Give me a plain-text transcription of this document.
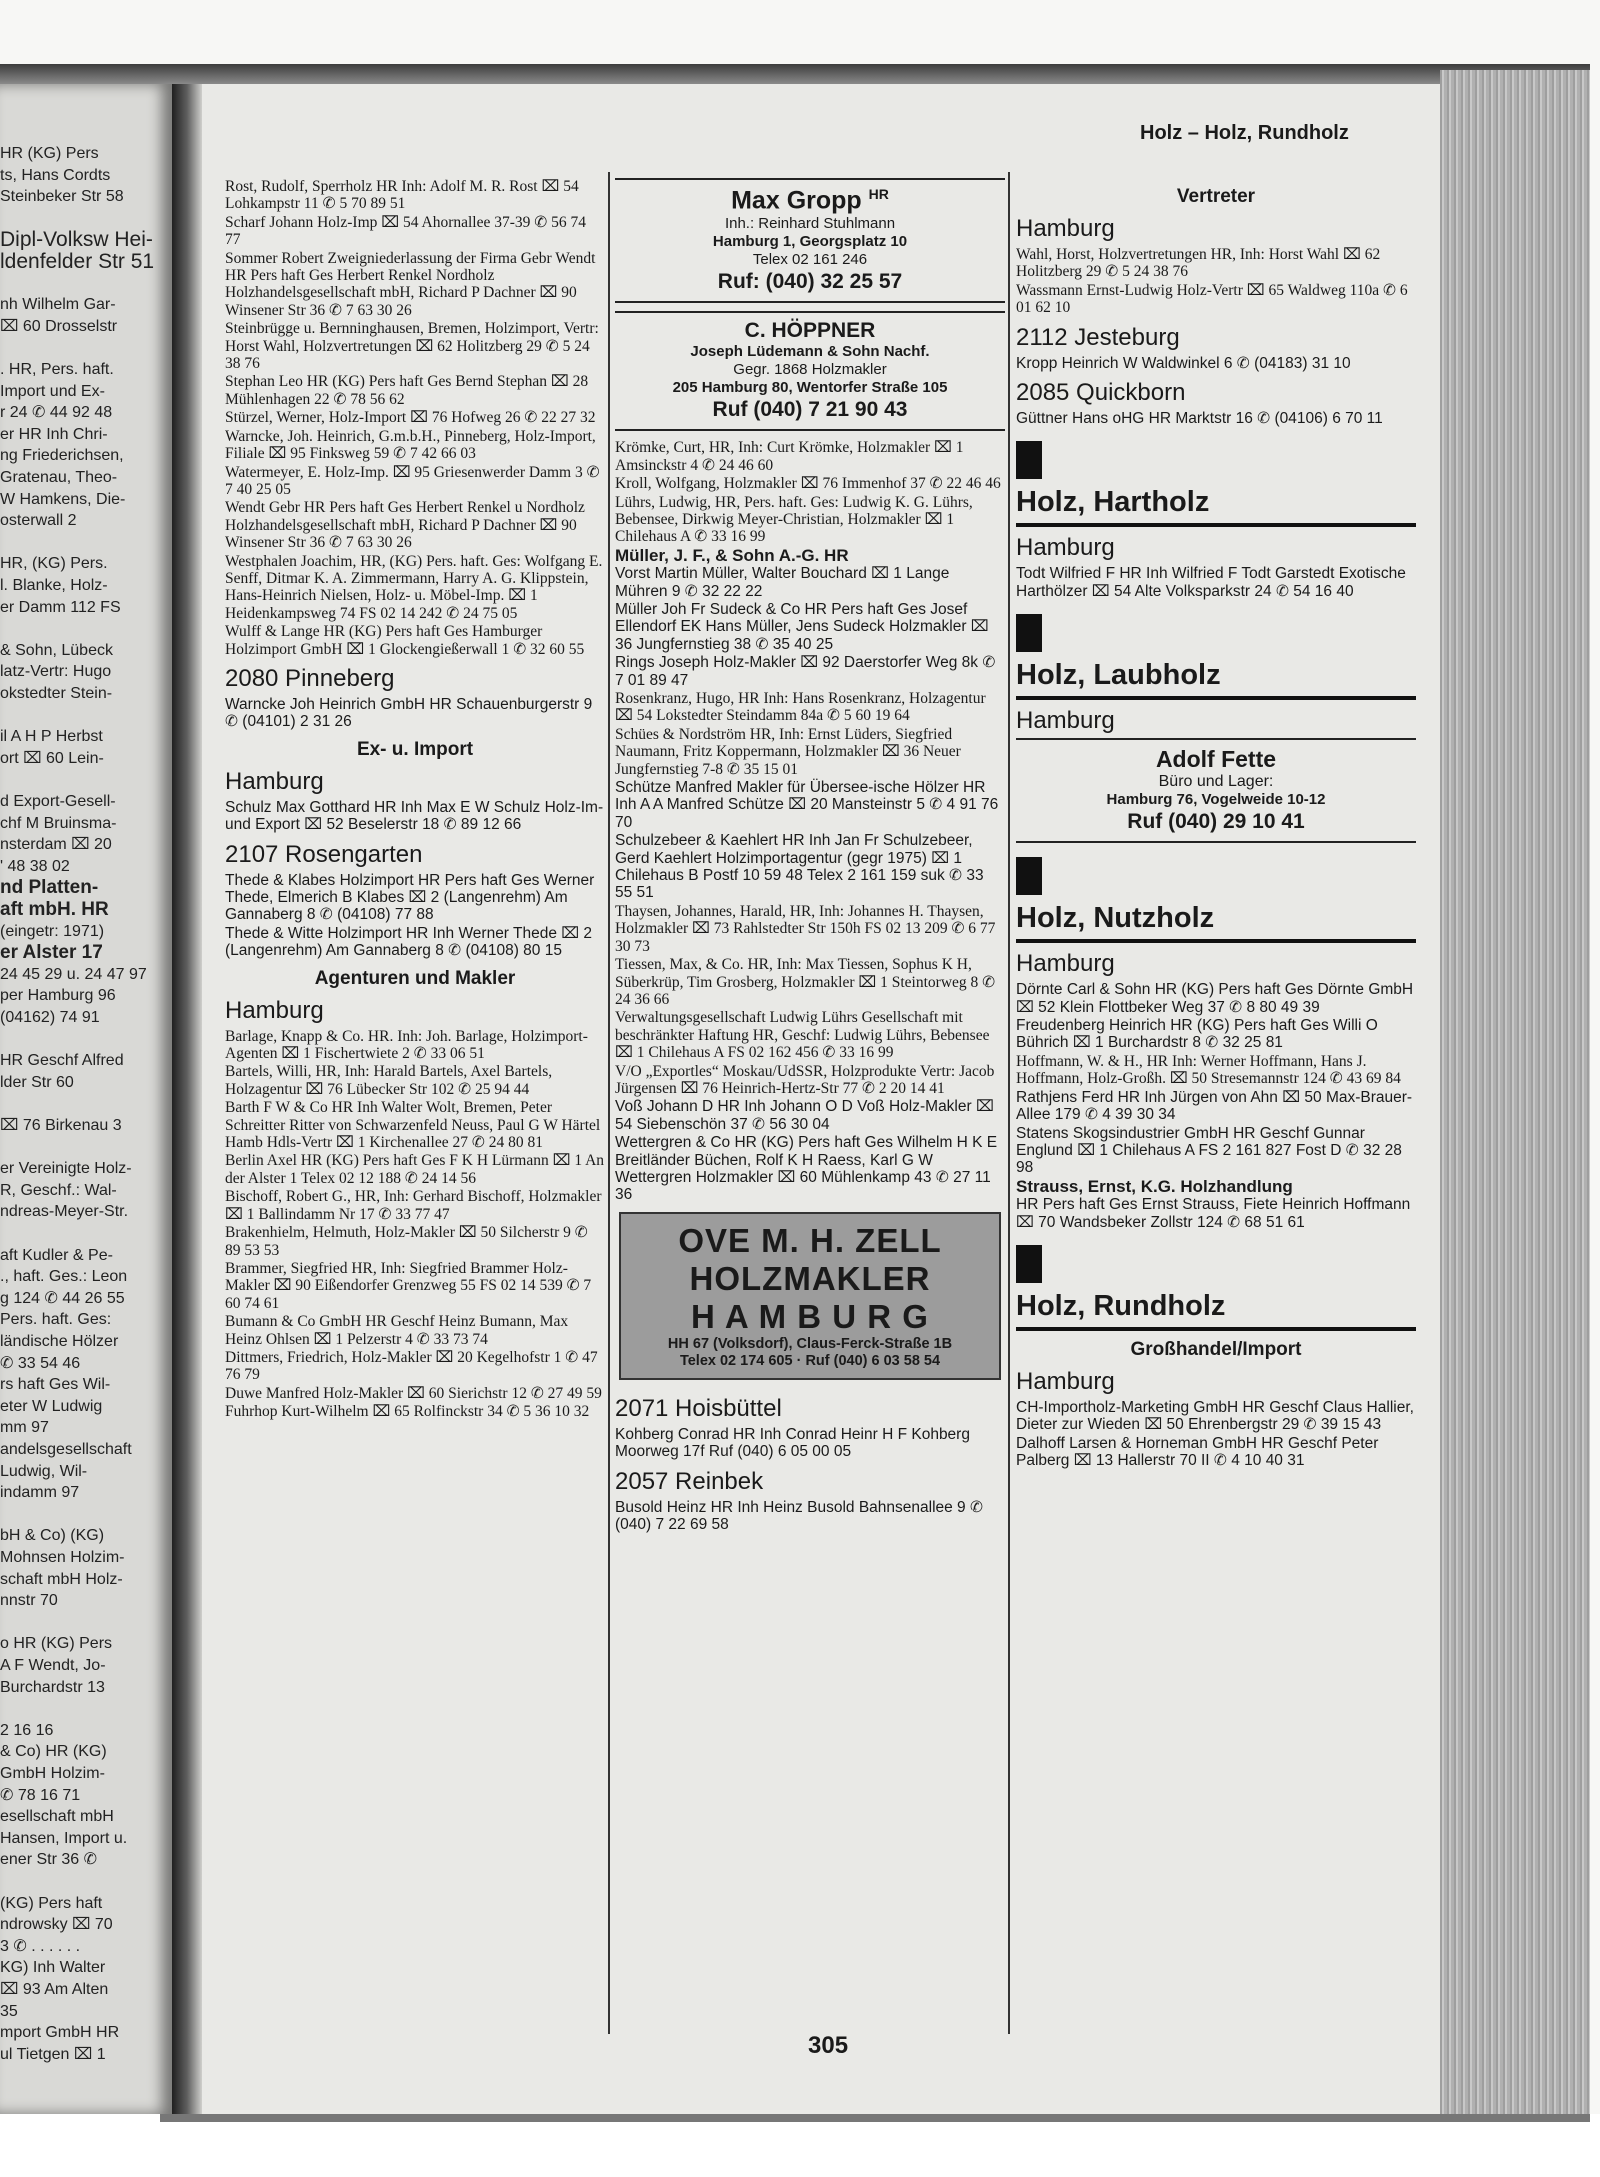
HR (KG) Pers
ts, Hans Cordts
Steinbeker Str 58
Dipl-Volksw Hei-
ldenfelder Str 51
nh Wilhelm Gar-
⌧ 60 Drosselstr
. HR, Pers. haft.
Import und Ex-
r 24 ✆ 44 92 48
er HR Inh Chri-
ng Friederichsen,
Gratenau, Theo-
W Hamkens, Die-
osterwall 2
HR, (KG) Pers.
l. Blanke, Holz-
er Damm 112 FS
& Sohn, Lübeck
latz-Vertr: Hugo
okstedter Stein-
il A H P Herbst
ort ⌧ 60 Lein-
d Export-Gesell-
chf M Bruinsma-
nsterdam ⌧ 20
' 48 38 02
nd Platten-
aft mbH. HR
(eingetr: 1971)
er Alster 17
24 45 29 u. 24 47 97
per Hamburg 96
(04162) 74 91
HR Geschf Alfred
lder Str 60
⌧ 76 Birkenau 3
er Vereinigte Holz-
R, Geschf.: Wal-
ndreas-Meyer-Str.
aft Kudler & Pe-
., haft. Ges.: Leon
g 124 ✆ 44 26 55
Pers. haft. Ges:
ländische Hölzer
✆ 33 54 46
rs haft Ges Wil-
eter W Ludwig
mm 97
andelsgesellschaft
Ludwig, Wil-
indamm 97
bH & Co) (KG)
Mohnsen Holzim-
schaft mbH Holz-
nnstr 70
o HR (KG) Pers
A F Wendt, Jo-
Burchardstr 13
2 16 16
& Co) HR (KG)
GmbH Holzim-
✆ 78 16 71
esellschaft mbH
Hansen, Import u.
ener Str 36 ✆
(KG) Pers haft
ndrowsky ⌧ 70
3 ✆ . . . . . .
KG) Inh Walter
⌧ 93 Am Alten
35
mport GmbH HR
ul Tietgen ⌧ 1
Holz – Holz, Rundholz
Rost, Rudolf, Sperrholz HR Inh: Adolf M. R. Rost ⌧ 54 Lohkampstr 11 ✆ 5 70 89 51
Scharf Johann Holz-Imp ⌧ 54 Ahornallee 37-39 ✆ 56 74 77
Sommer Robert Zweigniederlassung der Firma Gebr Wendt HR Pers haft Ges Herbert Renkel Nordholz Holzhandelsgesellschaft mbH, Richard P Dachner ⌧ 90 Winsener Str 36 ✆ 7 63 30 26
Steinbrügge u. Bernninghausen, Bremen, Holzimport, Vertr: Horst Wahl, Holzvertretungen ⌧ 62 Holitzberg 29 ✆ 5 24 38 76
Stephan Leo HR (KG) Pers haft Ges Bernd Stephan ⌧ 28 Mühlenhagen 22 ✆ 78 56 62
Stürzel, Werner, Holz-Import ⌧ 76 Hofweg 26 ✆ 22 27 32
Warncke, Joh. Heinrich, G.m.b.H., Pinneberg, Holz-Import, Filiale ⌧ 95 Finksweg 59 ✆ 7 42 66 03
Watermeyer, E. Holz-Imp. ⌧ 95 Griesenwerder Damm 3 ✆ 7 40 25 05
Wendt Gebr HR Pers haft Ges Herbert Renkel u Nordholz Holzhandelsgesellschaft mbH, Richard P Dachner ⌧ 90 Winsener Str 36 ✆ 7 63 30 26
Westphalen Joachim, HR, (KG) Pers. haft. Ges: Wolfgang E. Senff, Ditmar K. A. Zimmermann, Harry A. G. Klippstein, Hans-Heinrich Nielsen, Holz- u. Möbel-Imp. ⌧ 1 Heidenkampsweg 74 FS 02 14 242 ✆ 24 75 05
Wulff & Lange HR (KG) Pers haft Ges Hamburger Holzimport GmbH ⌧ 1 Glockengießerwall 1 ✆ 32 60 55
2080 Pinneberg
Warncke Joh Heinrich GmbH HR Schauenburgerstr 9 ✆ (04101) 2 31 26
Ex- u. Import
Hamburg
Schulz Max Gotthard HR Inh Max E W Schulz Holz-Im- und Export ⌧ 52 Beselerstr 18 ✆ 89 12 66
2107 Rosengarten
Thede & Klabes Holzimport HR Pers haft Ges Werner Thede, Elmerich B Klabes ⌧ 2 (Langenrehm) Am Gannaberg 8 ✆ (04108) 77 88
Thede & Witte Holzimport HR Inh Werner Thede ⌧ 2 (Langenrehm) Am Gannaberg 8 ✆ (04108) 80 15
Agenturen und Makler
Hamburg
Barlage, Knapp & Co. HR. Inh: Joh. Barlage, Holzimport-Agenten ⌧ 1 Fischertwiete 2 ✆ 33 06 51
Bartels, Willi, HR, Inh: Harald Bartels, Axel Bartels, Holzagentur ⌧ 76 Lübecker Str 102 ✆ 25 94 44
Barth F W & Co HR Inh Walter Wolt, Bremen, Peter Schreitter Ritter von Schwarzenfeld Neuss, Paul G W Härtel Hamb Hdls-Vertr ⌧ 1 Kirchenallee 27 ✆ 24 80 81
Berlin Axel HR (KG) Pers haft Ges F K H Lürmann ⌧ 1 An der Alster 1 Telex 02 12 188 ✆ 24 14 56
Bischoff, Robert G., HR, Inh: Gerhard Bischoff, Holzmakler ⌧ 1 Ballindamm Nr 17 ✆ 33 77 47
Brakenhielm, Helmuth, Holz-Makler ⌧ 50 Silcherstr 9 ✆ 89 53 53
Brammer, Siegfried HR, Inh: Siegfried Brammer Holz-Makler ⌧ 90 Eißendorfer Grenzweg 55 FS 02 14 539 ✆ 7 60 74 61
Bumann & Co GmbH HR Geschf Heinz Bumann, Max Heinz Ohlsen ⌧ 1 Pelzerstr 4 ✆ 33 73 74
Dittmers, Friedrich, Holz-Makler ⌧ 20 Kegelhofstr 1 ✆ 47 76 79
Duwe Manfred Holz-Makler ⌧ 60 Sierichstr 12 ✆ 27 49 59
Fuhrhop Kurt-Wilhelm ⌧ 65 Rolfinckstr 34 ✆ 5 36 10 32
Max Gropp $^{HR}$
Inh.: Reinhard Stuhlmann
Hamburg 1, Georgsplatz 10
Telex 02 161 246
Ruf: (040) 32 25 57
C. HÖPPNER
Joseph Lüdemann & Sohn Nachf.
Gegr. 1868 Holzmakler
205 Hamburg 80, Wentorfer Straße 105
Ruf (040) 7 21 90 43
Krömke, Curt, HR, Inh: Curt Krömke, Holzmakler ⌧ 1 Amsinckstr 4 ✆ 24 46 60
Kroll, Wolfgang, Holzmakler ⌧ 76 Immenhof 37 ✆ 22 46 46
Lührs, Ludwig, HR, Pers. haft. Ges: Ludwig K. G. Lührs, Bebensee, Dirkwig Meyer-Christian, Holzmakler ⌧ 1 Chilehaus A ✆ 33 16 99
Müller, J. F., & Sohn A.-G. HR
Vorst Martin Müller, Walter Bouchard ⌧ 1 Lange Mühren 9 ✆ 32 22 22
Müller Joh Fr Sudeck & Co HR Pers haft Ges Josef Ellendorf EK Hans Müller, Jens Sudeck Holzmakler ⌧ 36 Jungfernstieg 38 ✆ 35 40 25
Rings Joseph Holz-Makler ⌧ 92 Daerstorfer Weg 8k ✆ 7 01 89 47
Rosenkranz, Hugo, HR Inh: Hans Rosenkranz, Holzagentur ⌧ 54 Lokstedter Steindamm 84a ✆ 5 60 19 64
Schües & Nordström HR, Inh: Ernst Lüders, Siegfried Naumann, Fritz Koppermann, Holzmakler ⌧ 36 Neuer Jungfernstieg 7-8 ✆ 35 15 01
Schütze Manfred Makler für Übersee-ische Hölzer HR Inh A A Manfred Schütze ⌧ 20 Mansteinstr 5 ✆ 4 91 76 70
Schulzebeer & Kaehlert HR Inh Jan Fr Schulzebeer, Gerd Kaehlert Holzimportagentur (gegr 1975) ⌧ 1 Chilehaus B Postf 10 59 48 Telex 2 161 159 suk ✆ 33 55 51
Thaysen, Johannes, Harald, HR, Inh: Johannes H. Thaysen, Holzmakler ⌧ 73 Rahlstedter Str 150h FS 02 13 209 ✆ 6 77 30 73
Tiessen, Max, & Co. HR, Inh: Max Tiessen, Sophus K H, Süberkrüp, Tim Grosberg, Holzmakler ⌧ 1 Steintorweg 8 ✆ 24 36 66
Verwaltungsgesellschaft Ludwig Lührs Gesellschaft mit beschränkter Haftung HR, Geschf: Ludwig Lührs, Bebensee ⌧ 1 Chilehaus A FS 02 162 456 ✆ 33 16 99
V/O „Exportles“ Moskau/UdSSR, Holzprodukte Vertr: Jacob Jürgensen ⌧ 76 Heinrich-Hertz-Str 77 ✆ 2 20 14 41
Voß Johann D HR Inh Johann O D Voß Holz-Makler ⌧ 54 Siebenschön 37 ✆ 56 30 04
Wettergren & Co HR (KG) Pers haft Ges Wilhelm H K E Breitländer Büchen, Rolf K H Raess, Karl G W Wettergren Holzmakler ⌧ 60 Mühlenkamp 43 ✆ 27 11 36
OVE M. H. ZELL
HOLZMAKLER
H A M B U R G
HH 67 (Volksdorf), Claus-Ferck-Straße 1B
Telex 02 174 605 · Ruf (040) 6 03 58 54
2071 Hoisbüttel
Kohberg Conrad HR Inh Conrad Heinr H F Kohberg Moorweg 17f Ruf (040) 6 05 00 05
2057 Reinbek
Busold Heinz HR Inh Heinz Busold Bahnsenallee 9 ✆ (040) 7 22 69 58
Vertreter
Hamburg
Wahl, Horst, Holzvertretungen HR, Inh: Horst Wahl ⌧ 62 Holitzberg 29 ✆ 5 24 38 76
Wassmann Ernst-Ludwig Holz-Vertr ⌧ 65 Waldweg 110a ✆ 6 01 62 10
2112 Jesteburg
Kropp Heinrich W Waldwinkel 6 ✆ (04183) 31 10
2085 Quickborn
Güttner Hans oHG HR Marktstr 16 ✆ (04106) 6 70 11
Holz, Hartholz
Hamburg
Todt Wilfried F HR Inh Wilfried F Todt Garstedt Exotische Harthölzer ⌧ 54 Alte Volksparkstr 24 ✆ 54 16 40
Holz, Laubholz
Hamburg
Adolf Fette
Büro und Lager:
Hamburg 76, Vogelweide 10-12
Ruf (040) 29 10 41
Holz, Nutzholz
Hamburg
Dörnte Carl & Sohn HR (KG) Pers haft Ges Dörnte GmbH ⌧ 52 Klein Flottbeker Weg 37 ✆ 8 80 49 39
Freudenberg Heinrich HR (KG) Pers haft Ges Willi O Bührich ⌧ 1 Burchardstr 8 ✆ 32 25 81
Hoffmann, W. & H., HR Inh: Werner Hoffmann, Hans J. Hoffmann, Holz-Großh. ⌧ 50 Stresemannstr 124 ✆ 43 69 84
Rathjens Ferd HR Inh Jürgen von Ahn ⌧ 50 Max-Brauer-Allee 179 ✆ 4 39 30 34
Statens Skogsindustrier GmbH HR Geschf Gunnar Englund ⌧ 1 Chilehaus A FS 2 161 827 Fost D ✆ 32 28 98
Strauss, Ernst, K.G. Holzhandlung
HR Pers haft Ges Ernst Strauss, Fiete Heinrich Hoffmann ⌧ 70 Wandsbeker Zollstr 124 ✆ 68 51 61
Holz, Rundholz
Großhandel/Import
Hamburg
CH-Importholz-Marketing GmbH HR Geschf Claus Hallier, Dieter zur Wieden ⌧ 50 Ehrenbergstr 29 ✆ 39 15 43
Dalhoff Larsen & Horneman GmbH HR Geschf Peter Palberg ⌧ 13 Hallerstr 70 II ✆ 4 10 40 31
305
